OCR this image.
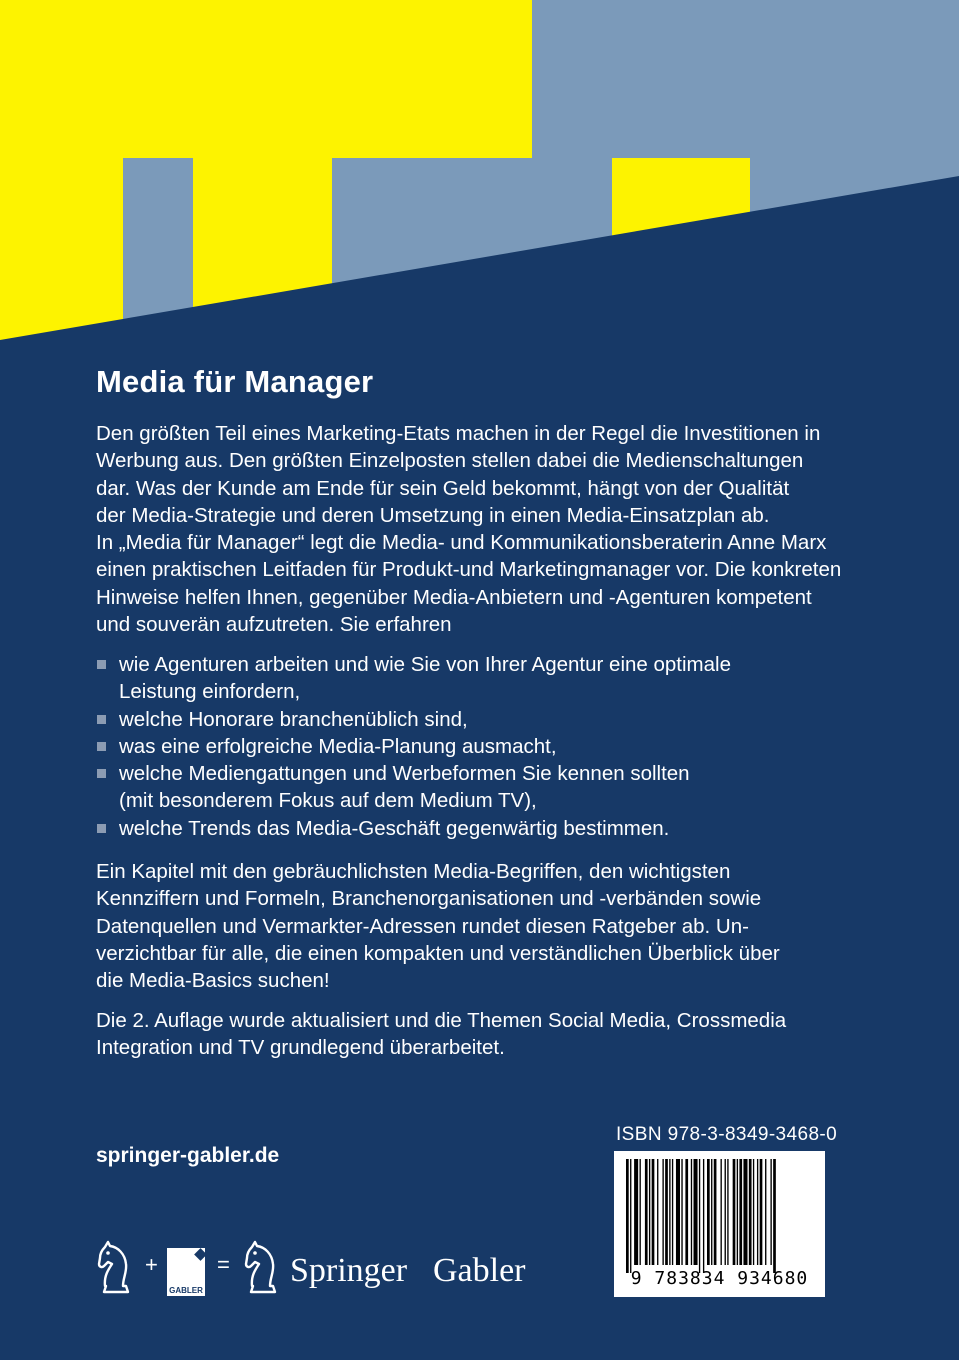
Media für Manager
Den größten Teil eines Marketing-Etats machen in der Regel die Investitionen in
Werbung aus. Den größten Einzelposten stellen dabei die Medienschaltungen
dar. Was der Kunde am Ende für sein Geld bekommt, hängt von der Qualität
der Media-Strategie und deren Umsetzung in einen Media-Einsatzplan ab.
In „Media für Manager“ legt die Media- und Kommunikationsberaterin Anne Marx
einen praktischen Leitfaden für Produkt-und Marketingmanager vor. Die konkreten
Hinweise helfen Ihnen, gegenüber Media-Anbietern und -Agenturen kompetent
und souverän aufzutreten. Sie erfahren
wie Agenturen arbeiten und wie Sie von Ihrer Agentur eine optimale
Leistung einfordern,
welche Honorare branchenüblich sind,
was eine erfolgreiche Media-Planung ausmacht,
welche Mediengattungen und Werbeformen Sie kennen sollten
(mit besonderem Fokus auf dem Medium TV),
welche Trends das Media-Geschäft gegenwärtig bestimmen.
Ein Kapitel mit den gebräuchlichsten Media-Begriffen, den wichtigsten
Kennziffern und Formeln, Branchenorganisationen und -verbänden sowie
Datenquellen und Vermarkter-Adressen rundet diesen Ratgeber ab. Un-
verzichtbar für alle, die einen kompakten und verständlichen Überblick über
die Media-Basics suchen!
Die 2. Auflage wurde aktualisiert und die Themen Social Media, Crossmedia
Integration und TV grundlegend überarbeitet.

springer-gabler.de

ISBN 978-3-8349-3468-0

9 783834 934680
+
GABLER
= Springer Gabler
